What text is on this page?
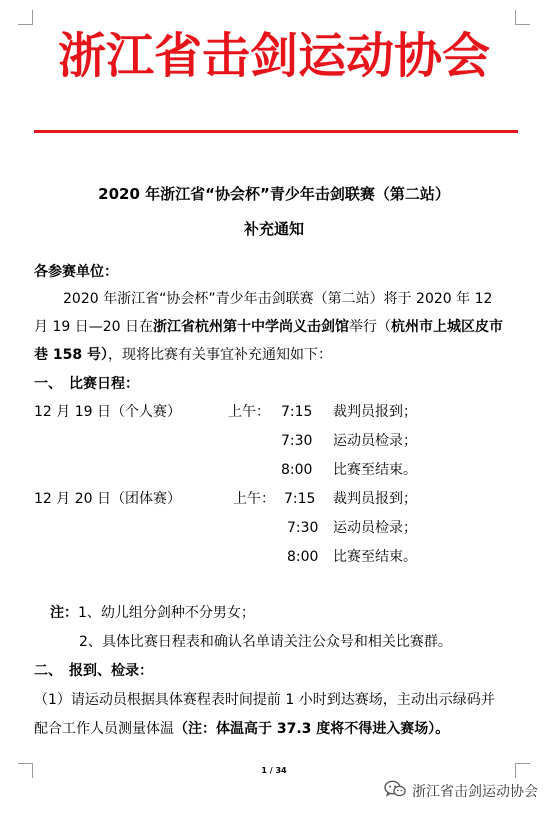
浙江省击剑运动协会
2020 年浙江省“协会杯”青少年击剑联赛（第二站）
补充通知
各参赛单位：
2020 年浙江省“协会杯”青少年击剑联赛（第二站）将于 2020 年 12
月 19 日—20 日在浙江省杭州第十中学尚义击剑馆举行（杭州市上城区皮市
巷 158 号），现将比赛有关事宜补充通知如下：
一、　比赛日程：
12 月 19 日（个人赛）	上午： 7:15 裁判员报到；
7:30 运动员检录；
8:00 比赛至结束。
12 月 20 日（团体赛）	上午： 7:15 裁判员报到；
7:30 运动员检录；
8:00 比赛至结束。
注：1、幼儿组分剑种不分男女；
2、具体比赛日程表和确认名单请关注公众号和相关比赛群。
二、　报到、检录：
（1）请运动员根据具体赛程表时间提前 1 小时到达赛场，主动出示绿码并
配合工作人员测量体温（注：体温高于 37.3 度将不得进入赛场）。
1 / 34
浙江省击剑运动协会
